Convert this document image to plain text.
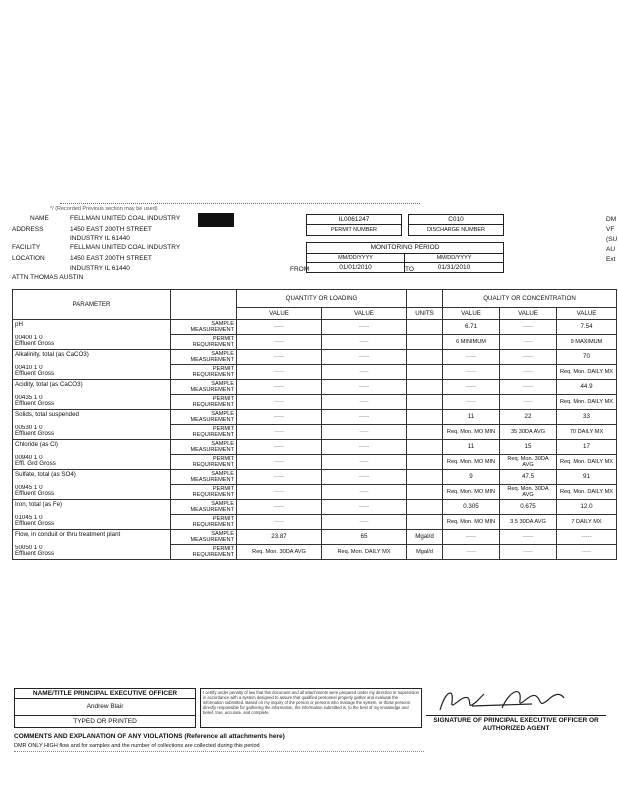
*/ (Recorded Previous section may be used)
NAME	FELLMAN UNITED COAL INDUSTRY
ADDRESS	1450 EAST 200TH STREET
INDUSTRY IL 61440
FACILITY	FELLMAN UNITED COAL INDUSTRY
LOCATION	1450 EAST 200TH STREET
INDUSTRY IL 61440
ATTN THOMAS AUSTIN
IL0061247
PERMIT NUMBER
C010
DISCHARGE NUMBER
MONITORING PERIOD
MM/DD/YYYY	MM/DD/YYYY
01/01/2010	01/31/2010
FROM	TO
DM
VF
(SU
AU
Ext
PARAMETER		QUANTITY OR LOADING			QUALITY OR CONCENTRATION		
		VALUE	VALUE	UNITS	VALUE	VALUE	VALUE
pH	SAMPLE MEASUREMENT	-----	-----		6.71	-----	7.54

00400 1 0
Effluent Gross	PERMIT REQUIREMENT	-----	-----		6 MINIMUM	-----	9 MAXIMUM
Alkalinity, total (as CaCO3)	SAMPLE MEASUREMENT	-----	-----		-----	-----	70

00410 1 0
Effluent Gross	PERMIT REQUIREMENT	-----	-----		-----	-----	Req. Mon. DAILY MX
Acidity, total (as CaCO3)	SAMPLE MEASUREMENT	-----	-----		-----	-----	44.9

00435 1 0
Effluent Gross	PERMIT REQUIREMENT	-----	-----		-----	-----	Req. Mon. DAILY MX
Solids, total suspended	SAMPLE MEASUREMENT	-----	-----		11	22	33

00530 1 0
Effluent Gross	PERMIT REQUIREMENT	-----	-----		Req. Mon. MO MIN	35 30DA AVG	70 DAILY MX
Chloride (as Cl)	SAMPLE MEASUREMENT	-----	-----		11	15	17

00940 1 0
Effl. Grd Gross	PERMIT REQUIREMENT	-----	-----		Req. Mon. MO MIN	Req. Mon. 30DA AVG	Req. Mon. DAILY MX
Sulfate, total (as SO4)	SAMPLE MEASUREMENT	-----	-----		9	47.5	91

00945 1 0
Effluent Gross	PERMIT REQUIREMENT	-----	-----		Req. Mon. MO MIN	Req. Mon. 30DA AVG	Req. Mon. DAILY MX
Iron, total (as Fe)	SAMPLE MEASUREMENT	-----	-----		0.305	0.675	12.0

01045 1 0
Effluent Gross	PERMIT REQUIREMENT	-----	-----		Req. Mon. MO MIN	3.5 30DA AVG	7 DAILY MX
Flow, in conduit or thru treatment plant	SAMPLE MEASUREMENT	23.87	65	Mgal/d	-----	-----	-----

50050 1 0
Effluent Gross	PERMIT REQUIREMENT	Req. Mon. 30DA AVG	Req. Mon. DAILY MX	Mgal/d	-----	-----	-----
NAME/TITLE PRINCIPAL EXECUTIVE OFFICER
Andrew Blair
TYPED OR PRINTED
I certify under penalty of law that this document and all attachments were prepared under my direction or supervision in accordance with a system designed to assure that qualified personnel properly gather and evaluate the information submitted. Based on my inquiry of the person or persons who manage the system, or those persons directly responsible for gathering the information, the information submitted is, to the best of my knowledge and belief, true, accurate, and complete.
SIGNATURE OF PRINCIPAL EXECUTIVE OFFICER OR AUTHORIZED AGENT
COMMENTS AND EXPLANATION OF ANY VIOLATIONS (Reference all attachments here)
DMR ONLY HIGH flow and for samples and the number of collections are collected during this period
